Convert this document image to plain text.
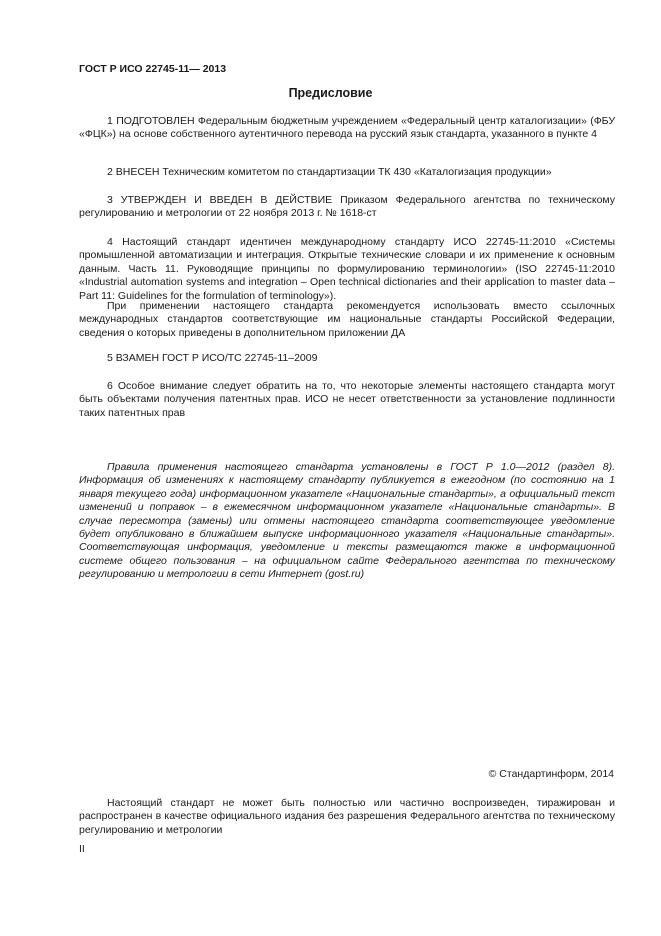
ГОСТ Р ИСО 22745-11— 2013
Предисловие

1 ПОДГОТОВЛЕН Федеральным бюджетным учреждением «Федеральный центр каталогизации» (ФБУ «ФЦК») на основе собственного аутентичного перевода на русский язык стандарта, указанного в пункте 4

2 ВНЕСЕН Техническим комитетом по стандартизации ТК 430 «Каталогизация продукции»

3 УТВЕРЖДЕН И ВВЕДЕН В ДЕЙСТВИЕ Приказом Федерального агентства по техническому регулированию и метрологии от 22 ноября 2013 г. № 1618-ст

4 Настоящий стандарт идентичен международному стандарту ИСО 22745-11:2010 «Системы промышленной автоматизации и интеграция. Открытые технические словари и их применение к основным данным. Часть 11. Руководящие принципы по формулированию терминологии» (ISO 22745-11:2010 «Industrial automation systems and integration – Open technical dictionaries and their application to master data – Part 11: Guidelines for the formulation of terminology»).

При применении настоящего стандарта рекомендуется использовать вместо ссылочных международных стандартов соответствующие им национальные стандарты Российской Федерации, сведения о которых приведены в дополнительном приложении ДА

5 ВЗАМЕН ГОСТ Р ИСО/ТС 22745-11–2009

6 Особое внимание следует обратить на то, что некоторые элементы настоящего стандарта могут быть объектами получения патентных прав. ИСО не несет ответственности за установление подлинности таких патентных прав

Правила применения настоящего стандарта установлены в ГОСТ Р 1.0—2012 (раздел 8). Информация об изменениях к настоящему стандарту публикуется в ежегодном (по состоянию на 1 января текущего года) информационном указателе «Национальные стандарты», а официальный текст изменений и поправок – в ежемесячном информационном указателе «Национальные стандарты». В случае пересмотра (замены) или отмены настоящего стандарта соответствующее уведомление будет опубликовано в ближайшем выпуске информационного указателя «Национальные стандарты». Соответствующая информация, уведомление и тексты размещаются также в информационной системе общего пользования – на официальном сайте Федерального агентства по техническому регулированию и метрологии в сети Интернет (gost.ru)

© Стандартинформ, 2014

Настоящий стандарт не может быть полностью или частично воспроизведен, тиражирован и распространен в качестве официального издания без разрешения Федерального агентства по техническому регулированию и метрологии

II
